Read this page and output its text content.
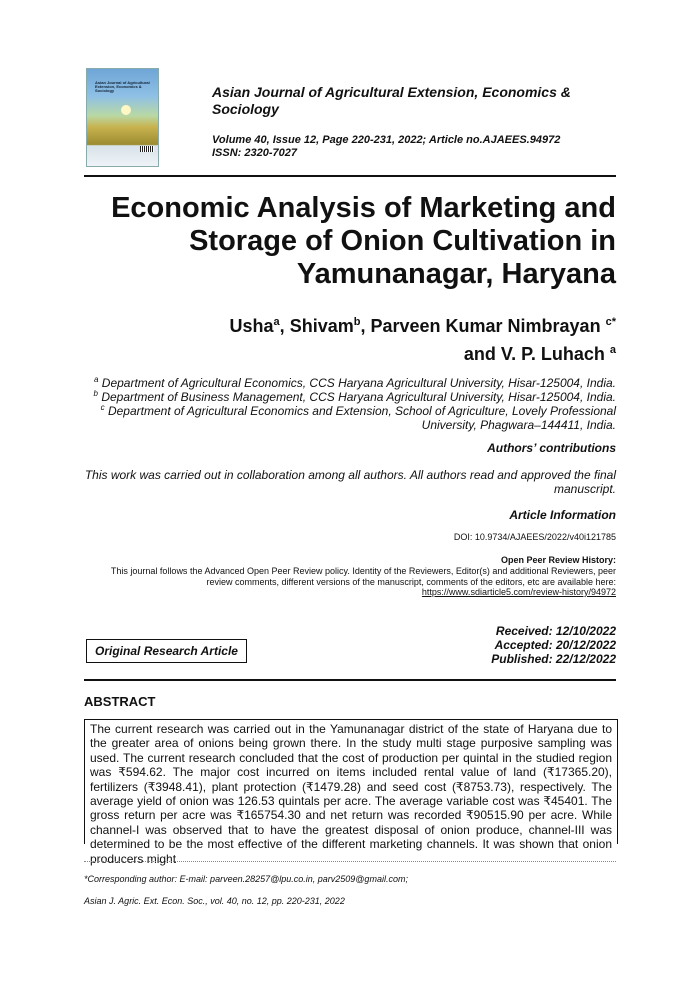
Asian Journal of Agricultural Extension, Economics & Sociology	Asian Journal of Agricultural Extension, Economics & Sociology
Volume 40, Issue 12, Page 220-231, 2022; Article no.AJAEES.94972
ISSN: 2320-7027
Economic Analysis of Marketing and
Storage of Onion Cultivation in
Yamunanagar, Haryana
Usha$^a$, Shivam$^b$, Parveen Kumar Nimbrayan $^{c*}$
and V. P. Luhach $^a$
$^a$ Department of Agricultural Economics, CCS Haryana Agricultural University, Hisar-125004, India.
$^b$ Department of Business Management, CCS Haryana Agricultural University, Hisar-125004, India.
$^c$ Department of Agricultural Economics and Extension, School of Agriculture, Lovely Professional
University, Phagwara–144411, India.
Authors’ contributions
This work was carried out in collaboration among all authors. All authors read and approved the final
manuscript.
Article Information
DOI: 10.9734/AJAEES/2022/v40i121785
Open Peer Review History:
This journal follows the Advanced Open Peer Review policy. Identity of the Reviewers, Editor(s) and additional Reviewers, peer
review comments, different versions of the manuscript, comments of the editors, etc are available here:
https://www.sdiarticle5.com/review-history/94972
Original Research Article
Received: 12/10/2022
Accepted: 20/12/2022
Published: 22/12/2022
ABSTRACT

The current research was carried out in the Yamunanagar district of the state of Haryana due to the greater area of onions being grown there. In the study multi stage purposive sampling was used. The current research concluded that the cost of production per quintal in the studied region was ₹594.62. The major cost incurred on items included rental value of land (₹17365.20), fertilizers (₹3948.41), plant protection (₹1479.28) and seed cost (₹8753.73), respectively. The average yield of onion was 126.53 quintals per acre. The average variable cost was ₹45401. The gross return per acre was ₹165754.30 and net return was recorded ₹90515.90 per acre. While channel-I was observed that to have the greatest disposal of onion produce, channel-III was determined to be the most effective of the different marketing channels. It was shown that onion producers might

*Corresponding author: E-mail: parveen.28257@lpu.co.in, parv2509@gmail.com;
Asian J. Agric. Ext. Econ. Soc., vol. 40, no. 12, pp. 220-231, 2022
